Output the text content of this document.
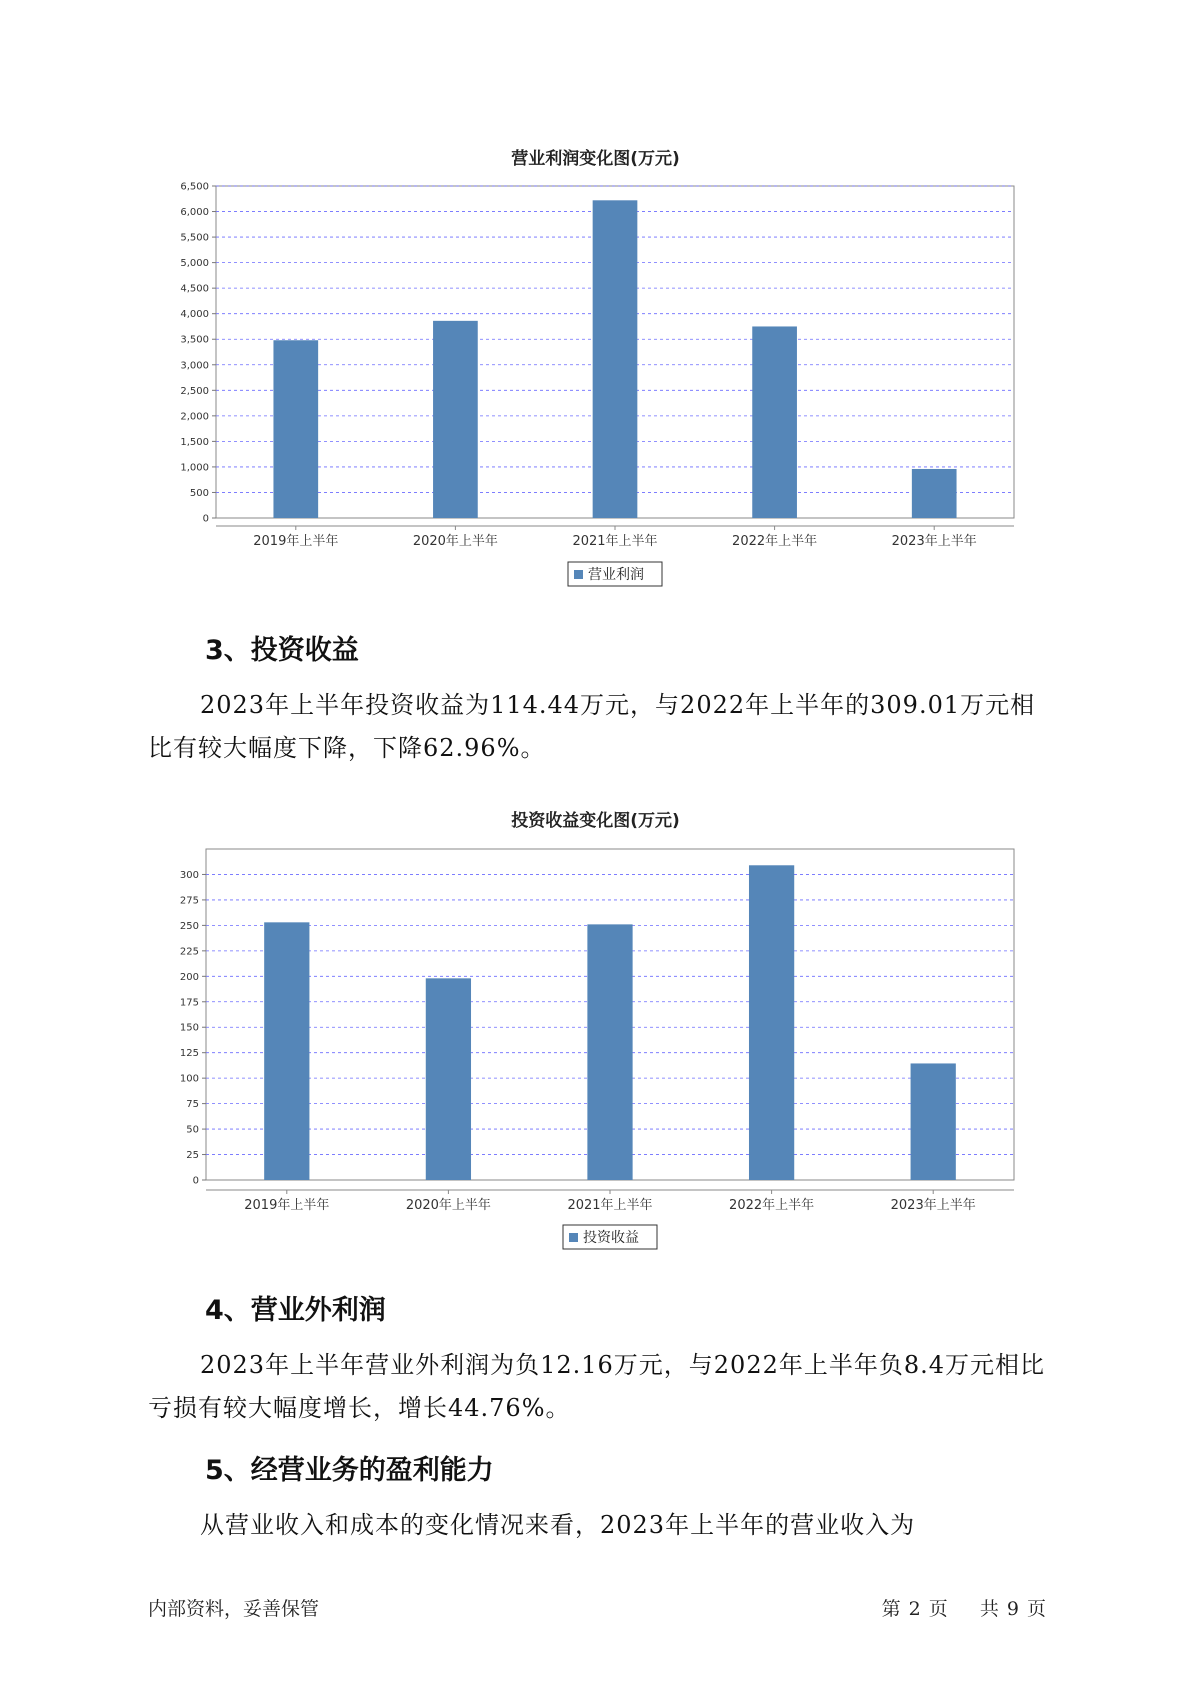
营业利润变化图(万元)
0
500
1,000
1,500
2,000
2,500
3,000
3,500
4,000
4,500
5,000
5,500
6,000
6,500
2019年上半年	2020年上半年	2021年上半年	2022年上半年	2023年上半年
营业利润
3、投资收益

2023年上半年投资收益为114.44万元，与2022年上半年的309.01万元相比有较大幅度下降，下降62.96%。

投资收益变化图(万元)
0
25
50
75
100
125
150
175
200
225
250
275
300
2019年上半年	2020年上半年	2021年上半年	2022年上半年	2023年上半年
投资收益
4、营业外利润

2023年上半年营业外利润为负12.16万元，与2022年上半年负8.4万元相比亏损有较大幅度增长，增长44.76%。

5、经营业务的盈利能力

从营业收入和成本的变化情况来看，2023年上半年的营业收入为

内部资料，妥善保管	第 2 页 共 9 页
